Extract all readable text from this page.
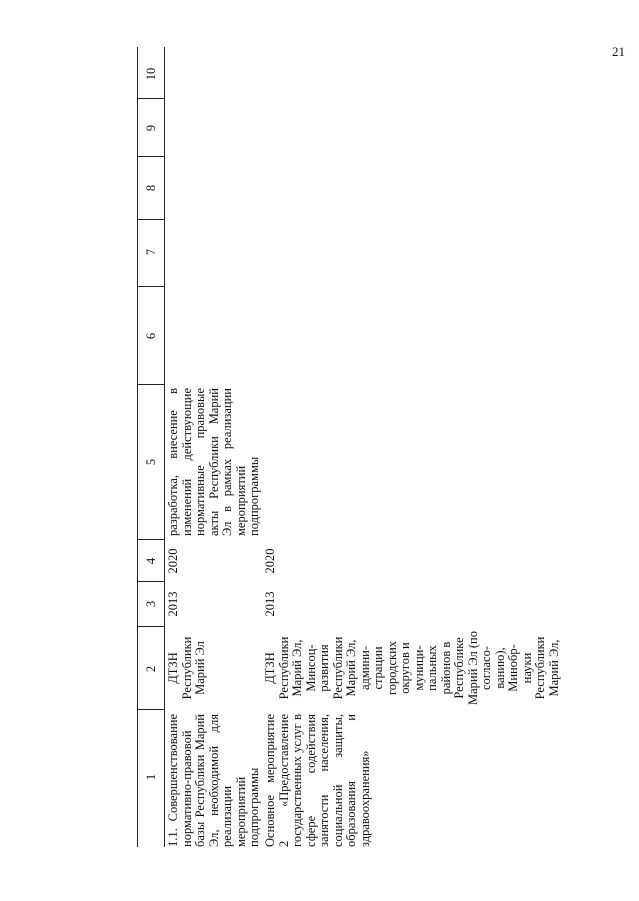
21
1
2
3
4
5
6
7
8
9
10
1.1. Совершенствование нормативно-правовой базы Республики Марий Эл, необходимой для реализации мероприятий подпрограммы
ДТЗН Республики Марий Эл
2013
2020
разработка, внесение в изменений действующие нормативные правовые акты Республики Марий Эл в рамках реализации мероприятий подпрограммы
Основное мероприятие 2 «Предоставление государственных услуг в сфере содействия занятости населения, социальной защиты, образования и здравоохранения»
ДТЗН Республики Марий Эл, Минсоц-развития Республики Марий Эл, админи-страции городских округов и муници-пальных районов в Республике Марий Эл (по согласо-ванию), Минобр-науки Республики Марий Эл,
2013
2020
